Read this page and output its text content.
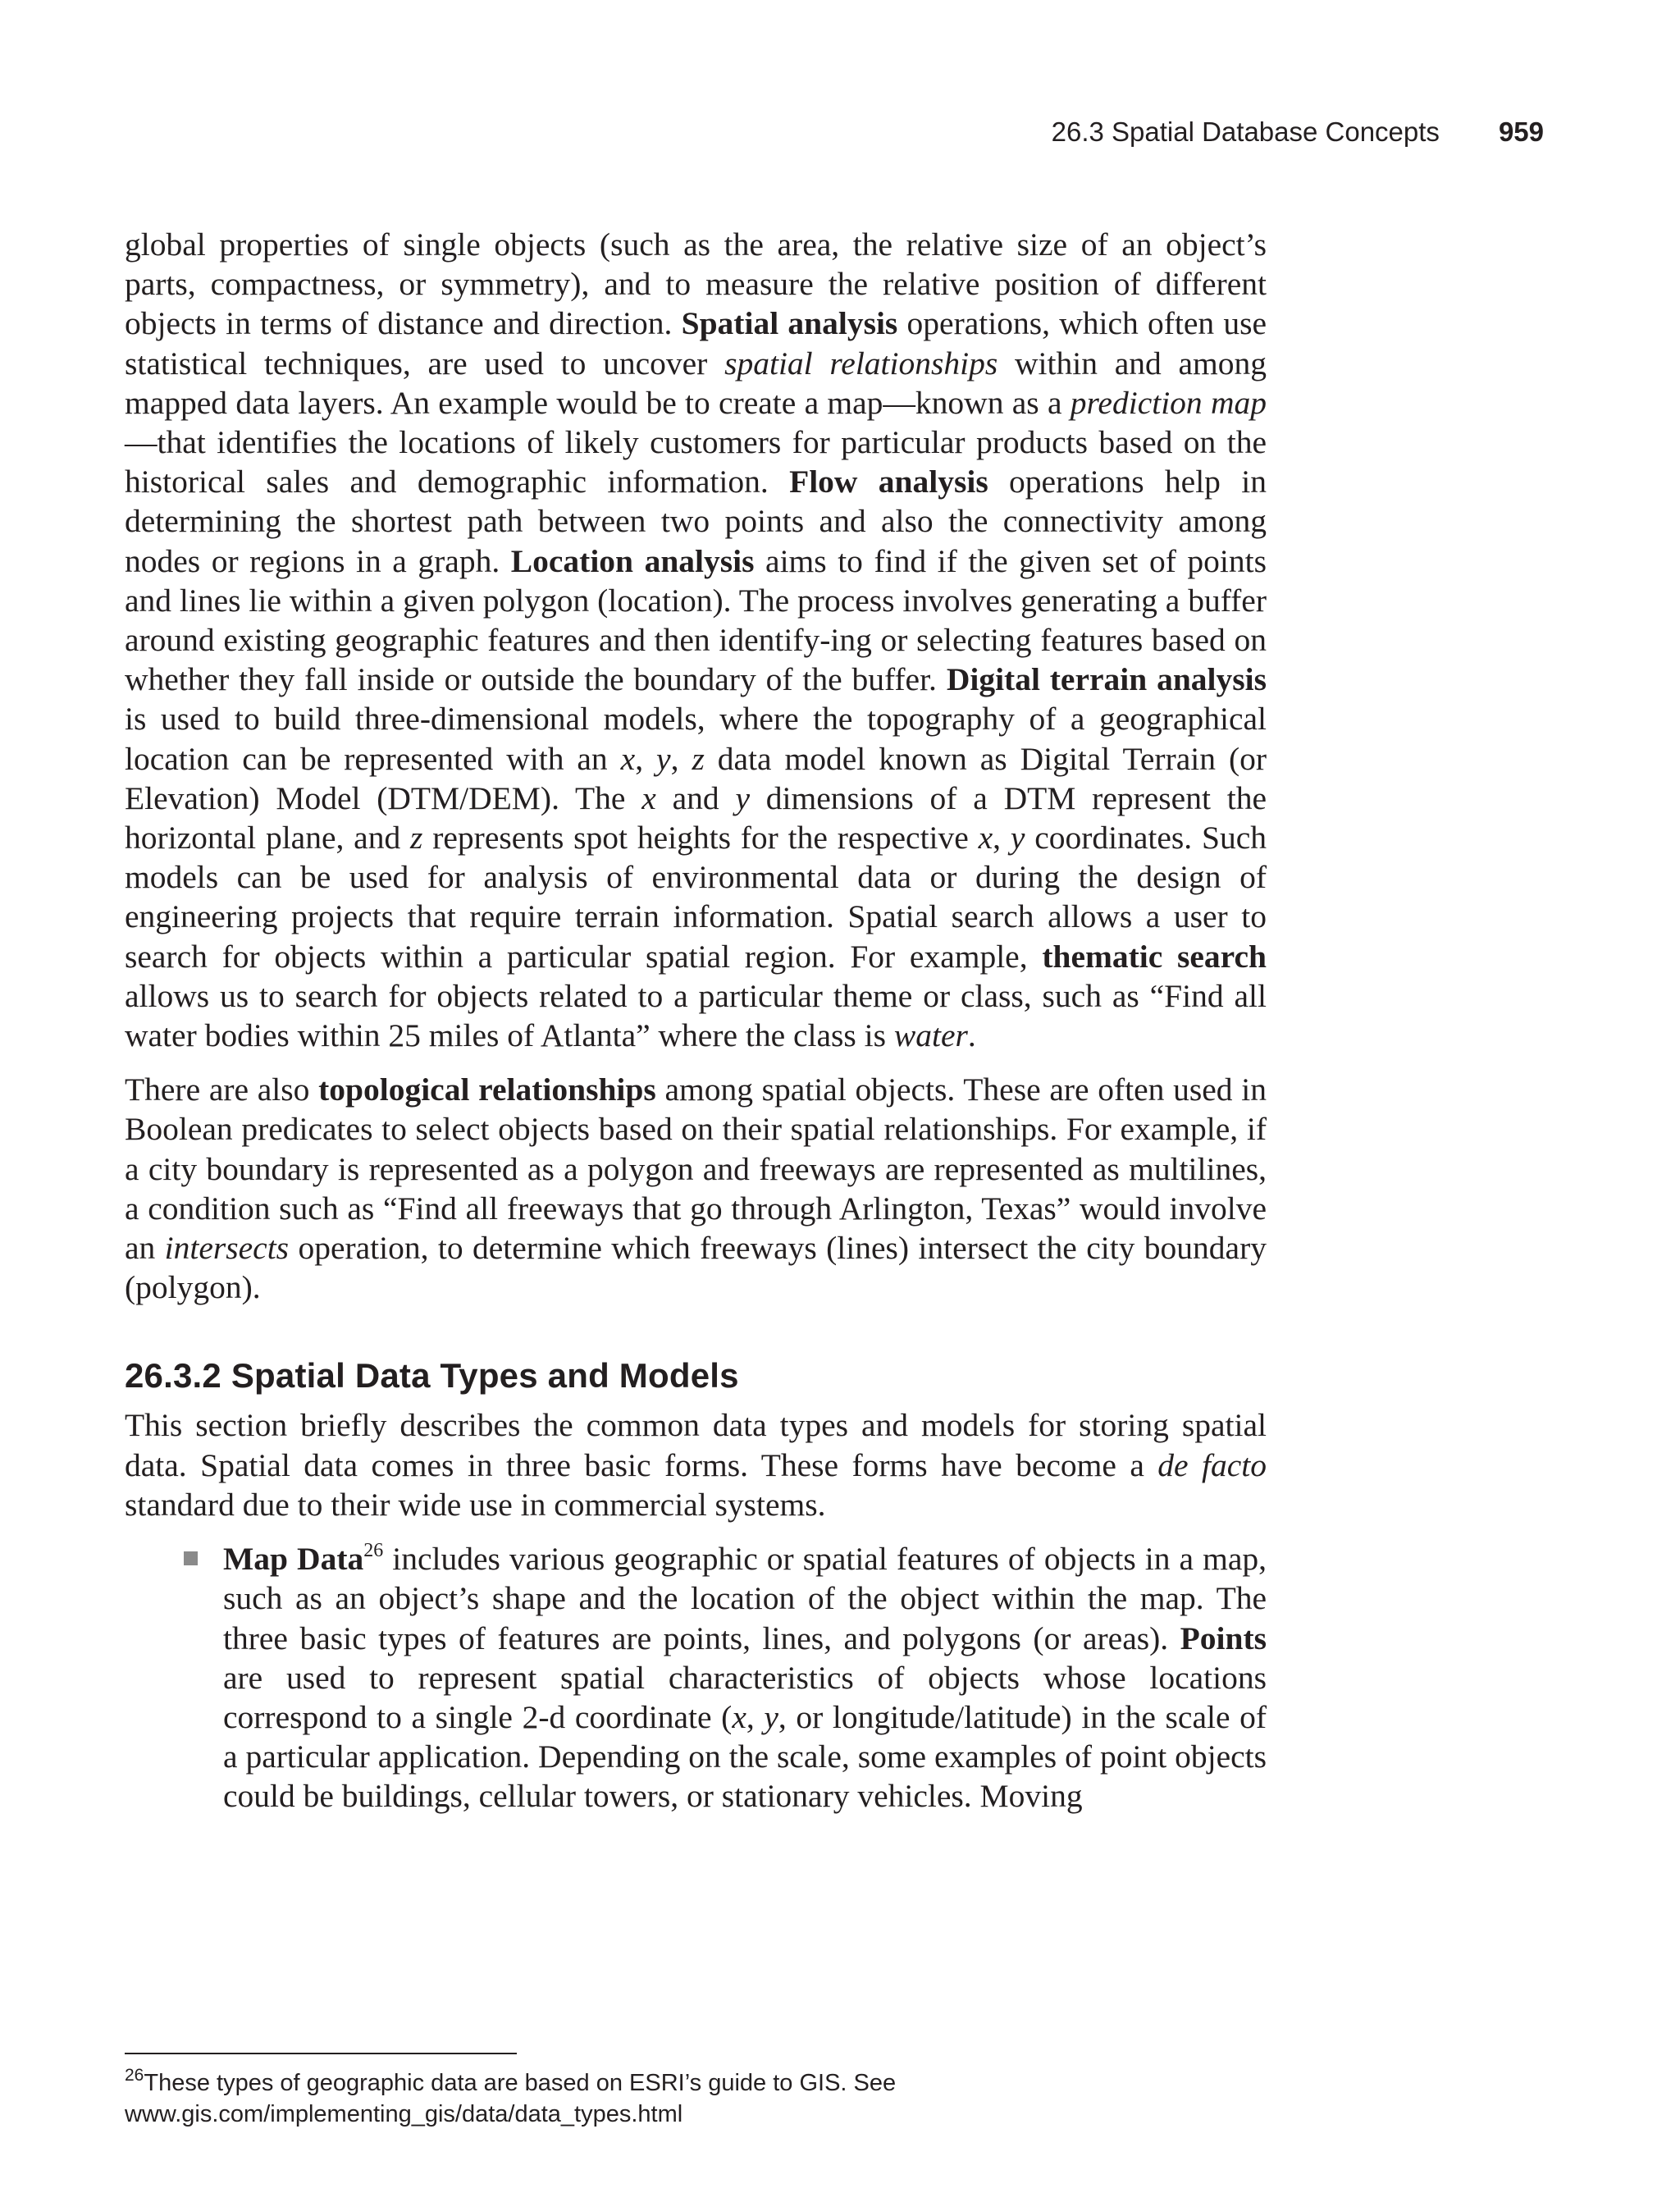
26.3 Spatial Database Concepts 959

global properties of single objects (such as the area, the relative size of an object’s parts, compactness, or symmetry), and to measure the relative position of different objects in terms of distance and direction. Spatial analysis operations, which often use statistical techniques, are used to uncover spatial relationships within and among mapped data layers. An example would be to create a map—known as a prediction map—that identifies the locations of likely customers for particular products based on the historical sales and demographic information. Flow analysis operations help in determining the shortest path between two points and also the connectivity among nodes or regions in a graph. Location analysis aims to find if the given set of points and lines lie within a given polygon (location). The process involves generating a buffer around existing geographic features and then identify-ing or selecting features based on whether they fall inside or outside the boundary of the buffer. Digital terrain analysis is used to build three-dimensional models, where the topography of a geographical location can be represented with an x, y, z data model known as Digital Terrain (or Elevation) Model (DTM/DEM). The x and y dimensions of a DTM represent the horizontal plane, and z represents spot heights for the respective x, y coordinates. Such models can be used for analysis of environmental data or during the design of engineering projects that require terrain information. Spatial search allows a user to search for objects within a particular spatial region. For example, thematic search allows us to search for objects related to a particular theme or class, such as “Find all water bodies within 25 miles of Atlanta” where the class is water.

There are also topological relationships among spatial objects. These are often used in Boolean predicates to select objects based on their spatial relationships. For example, if a city boundary is represented as a polygon and freeways are represented as multilines, a condition such as “Find all freeways that go through Arlington, Texas” would involve an intersects operation, to determine which freeways (lines) intersect the city boundary (polygon).

26.3.2 Spatial Data Types and Models

This section briefly describes the common data types and models for storing spatial data. Spatial data comes in three basic forms. These forms have become a de facto standard due to their wide use in commercial systems.

Map Data$^{26}$ includes various geographic or spatial features of objects in a map, such as an object’s shape and the location of the object within the map. The three basic types of features are points, lines, and polygons (or areas). Points are used to represent spatial characteristics of objects whose locations correspond to a single 2-d coordinate (x, y, or longitude/latitude) in the scale of a particular application. Depending on the scale, some examples of point objects could be buildings, cellular towers, or stationary vehicles. Moving
$^{26}$These types of geographic data are based on ESRI’s guide to GIS. See
www.gis.com/implementing_gis/data/data_types.html
